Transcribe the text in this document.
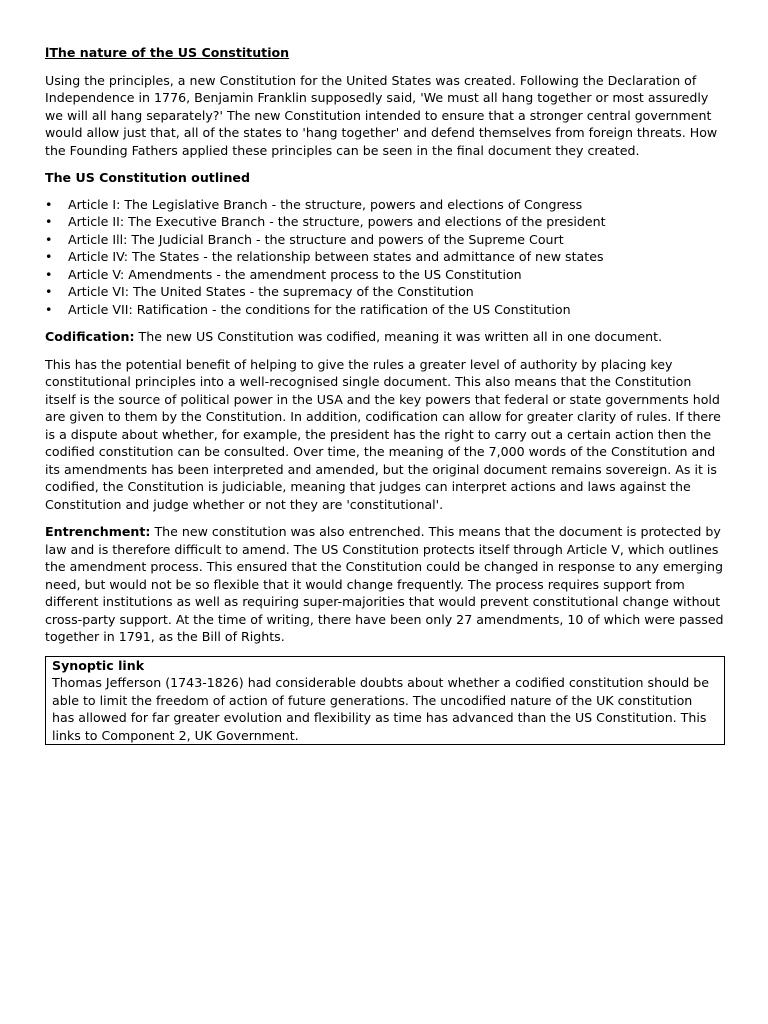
lThe nature of the US Constitution

Using the principles, a new Constitution for the United States was created. Following the Declaration of Independence in 1776, Benjamin Franklin supposedly said, 'We must all hang together or most assuredly we will all hang separately?' The new Constitution intended to ensure that a stronger central government would allow just that, all of the states to 'hang together' and defend themselves from foreign threats. How the Founding Fathers applied these principles can be seen in the final document they created.

The US Constitution outlined
• Article I: The Legislative Branch - the structure, powers and elections of Congress
• Article II: The Executive Branch - the structure, powers and elections of the president
• Article Ill: The Judicial Branch - the structure and powers of the Supreme Court
• Article IV: The States - the relationship between states and admittance of new states
• Article V: Amendments - the amendment process to the US Constitution
• Article VI: The United States - the supremacy of the Constitution
• Article VII: Ratification - the conditions for the ratification of the US Constitution

Codification: The new US Constitution was codified, meaning it was written all in one document.

This has the potential benefit of helping to give the rules a greater level of authority by placing key constitutional principles into a well-recognised single document. This also means that the Constitution itself is the source of political power in the USA and the key powers that federal or state governments hold are given to them by the Constitution. In addition, codification can allow for greater clarity of rules. If there is a dispute about whether, for example, the president has the right to carry out a certain action then the codified constitution can be consulted. Over time, the meaning of the 7,000 words of the Constitution and its amendments has been interpreted and amended, but the original document remains sovereign. As it is codified, the Constitution is judiciable, meaning that judges can interpret actions and laws against the Constitution and judge whether or not they are 'constitutional'.

Entrenchment: The new constitution was also entrenched. This means that the document is protected by law and is therefore difficult to amend. The US Constitution protects itself through Article V, which outlines the amendment process. This ensured that the Constitution could be changed in response to any emerging need, but would not be so flexible that it would change frequently. The process requires support from different institutions as well as requiring super-majorities that would prevent constitutional change without cross-party support. At the time of writing, there have been only 27 amendments, 10 of which were passed together in 1791, as the Bill of Rights.

Synoptic link
Thomas Jefferson (1743-1826) had considerable doubts about whether a codified constitution should be able to limit the freedom of action of future generations. The uncodified nature of the UK constitution has allowed for far greater evolution and flexibility as time has advanced than the US Constitution. This links to Component 2, UK Government.
